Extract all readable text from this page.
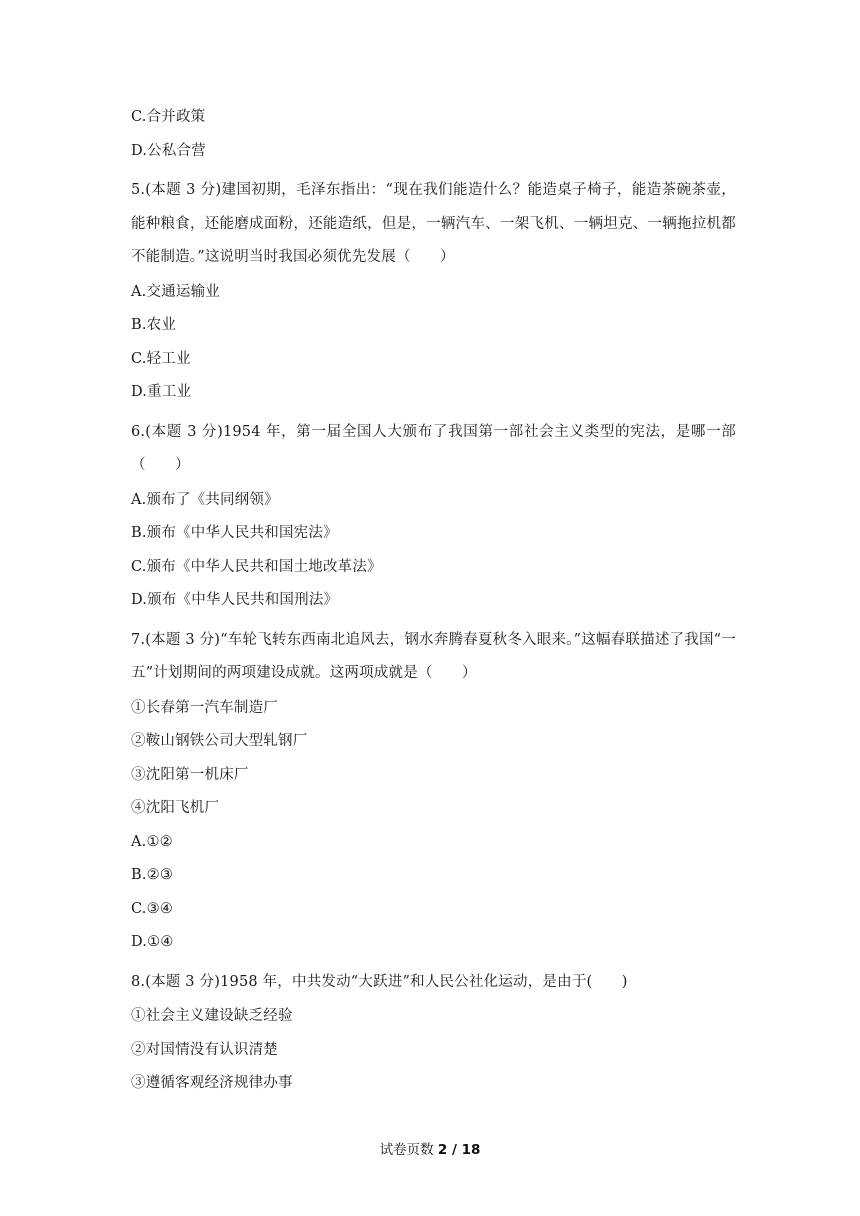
C.合并政策
D.公私合营
5.(本题 3 分)建国初期，毛泽东指出：“现在我们能造什么？能造桌子椅子，能造茶碗茶壶，能种粮食，还能磨成面粉，还能造纸，但是，一辆汽车、一架飞机、一辆坦克、一辆拖拉机都不能制造。”这说明当时我国必须优先发展（　　）
A.交通运输业
B.农业
C.轻工业
D.重工业
6.(本题 3 分)1954 年，第一届全国人大颁布了我国第一部社会主义类型的宪法，是哪一部（　　）
A.颁布了《共同纲领》
B.颁布《中华人民共和国宪法》
C.颁布《中华人民共和国土地改革法》
D.颁布《中华人民共和国刑法》
7.(本题 3 分)“车轮飞转东西南北追风去，钢水奔腾春夏秋冬入眼来。”这幅春联描述了我国“一五”计划期间的两项建设成就。这两项成就是（　　）
①长春第一汽车制造厂
②鞍山钢铁公司大型轧钢厂
③沈阳第一机床厂
④沈阳飞机厂
A.①②
B.②③
C.③④
D.①④
8.(本题 3 分)1958 年，中共发动“大跃进”和人民公社化运动，是由于(　　)
①社会主义建设缺乏经验
②对国情没有认识清楚
③遵循客观经济规律办事
试卷页数 2 / 18
